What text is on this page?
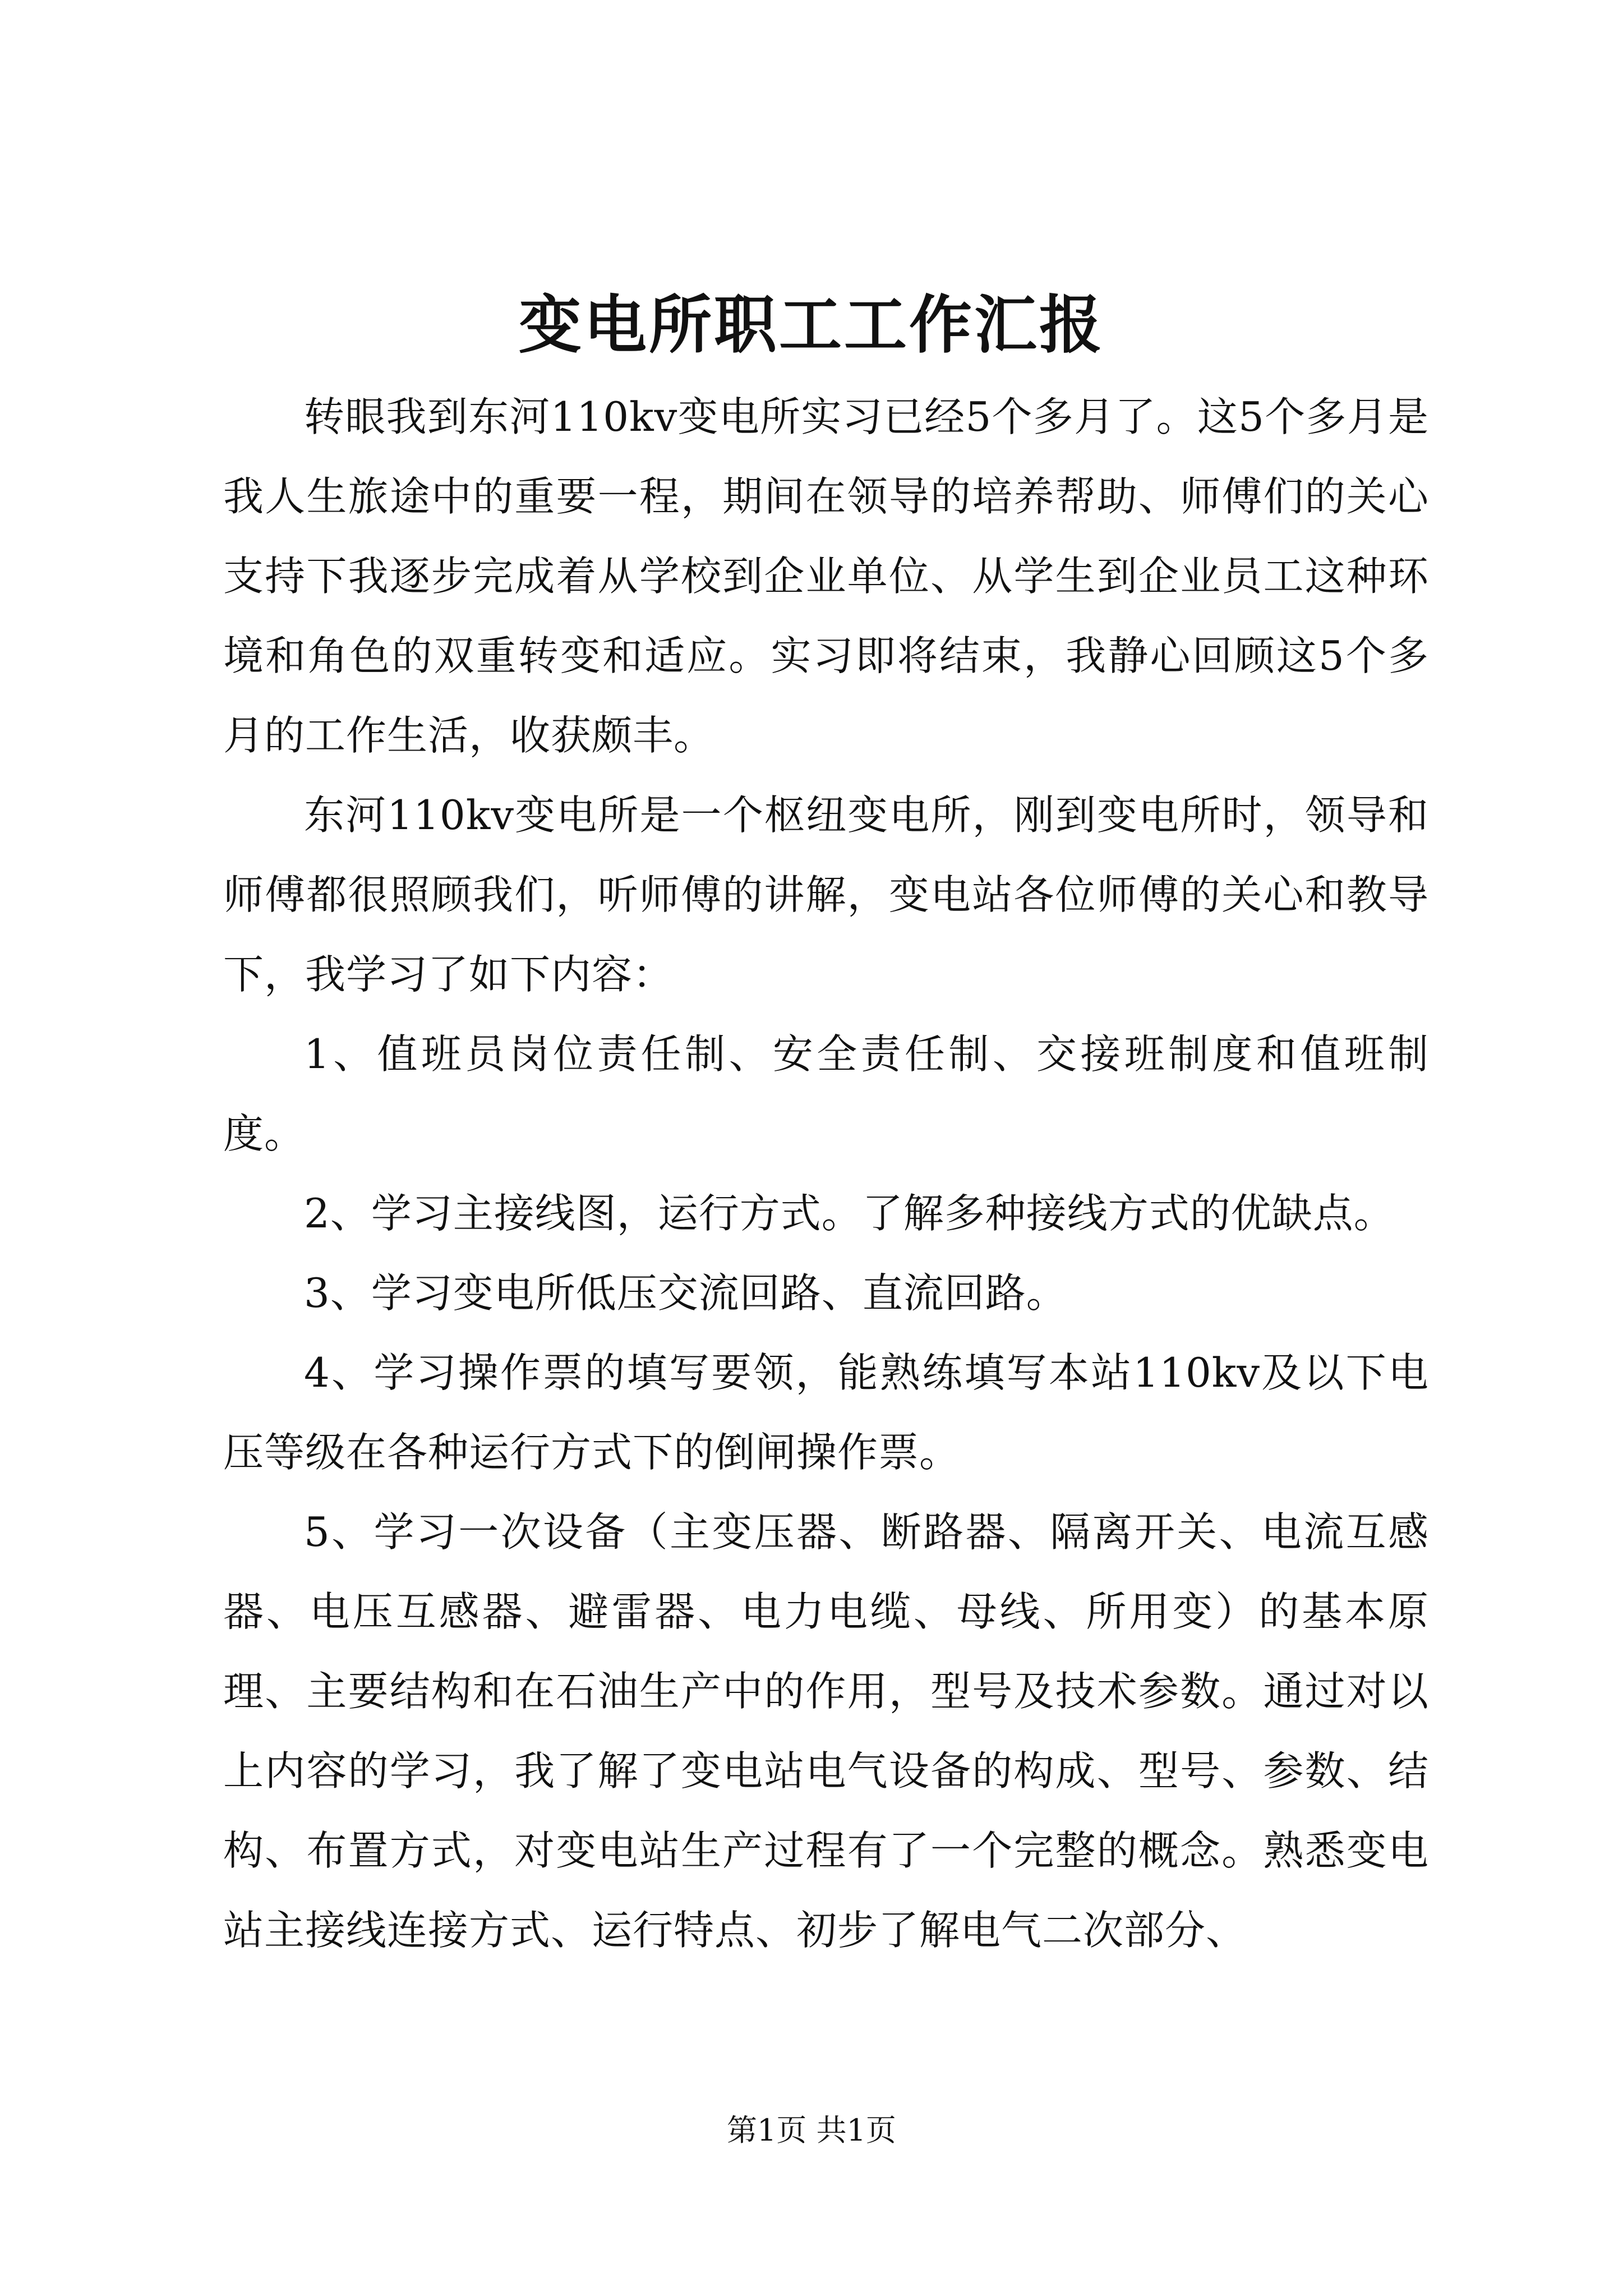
变电所职工工作汇报

转眼我到东河110kv变电所实习已经5个多月了。这5个多月是我人生旅途中的重要一程，期间在领导的培养帮助、师傅们的关心支持下我逐步完成着从学校到企业单位、从学生到企业员工这种环境和角色的双重转变和适应。实习即将结束，我静心回顾这5个多月的工作生活，收获颇丰。

东河110kv变电所是一个枢纽变电所，刚到变电所时，领导和师傅都很照顾我们，听师傅的讲解，变电站各位师傅的关心和教导下，我学习了如下内容：

1、值班员岗位责任制、安全责任制、交接班制度和值班制度。

2、学习主接线图，运行方式。了解多种接线方式的优缺点。

3、学习变电所低压交流回路、直流回路。

4、学习操作票的填写要领，能熟练填写本站110kv及以下电压等级在各种运行方式下的倒闸操作票。

5、学习一次设备（主变压器、断路器、隔离开关、电流互感器、电压互感器、避雷器、电力电缆、母线、所用变）的基本原理、主要结构和在石油生产中的作用，型号及技术参数。通过对以上内容的学习，我了解了变电站电气设备的构成、型号、参数、结构、布置方式，对变电站生产过程有了一个完整的概念。熟悉变电站主接线连接方式、运行特点、初步了解电气二次部分、

第1页 共1页
